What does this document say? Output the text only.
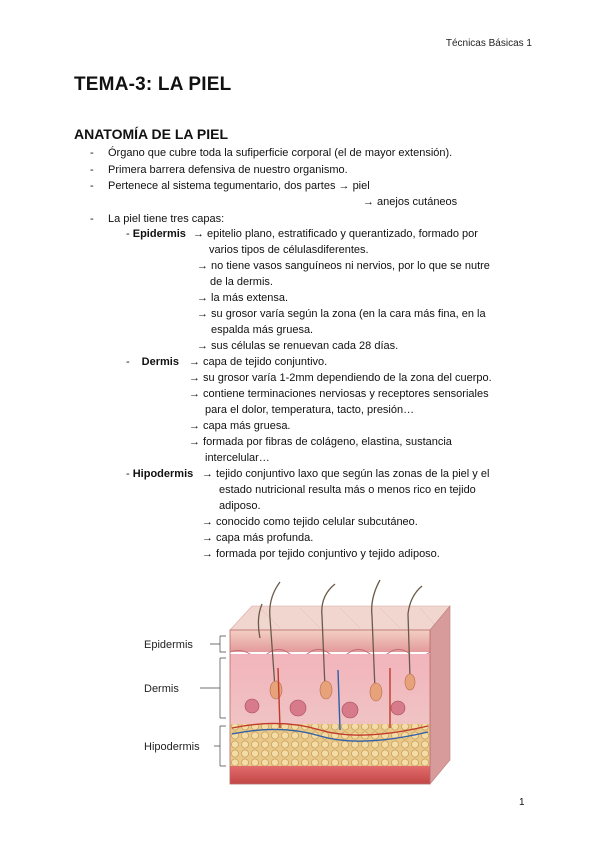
Técnicas Básicas 1
TEMA-3: LA PIEL
ANATOMÍA DE LA PIEL
- Órgano que cubre toda la sufiperficie corporal (el de mayor extensión).
- Primera barrera defensiva de nuestro organismo.
- Pertenece al sistema tegumentario, dos partes → piel
→ anejos cutáneos
- La piel tiene tres capas:
- Epidermis → epitelio plano, estratificado y querantizado, formado por
varios tipos de célulasdiferentes.
→ no tiene vasos sanguíneos ni nervios, por lo que se nutre
de la dermis.
→ la más extensa.
→ su grosor varía según la zona (en la cara más fina, en la
espalda más gruesa.
→ sus células se renuevan cada 28 días.
- Dermis → capa de tejido conjuntivo.
→ su grosor varía 1-2mm dependiendo de la zona del cuerpo.
→ contiene terminaciones nerviosas y receptores sensoriales
para el dolor, temperatura, tacto, presión…
→ capa más gruesa.
→ formada por fibras de colágeno, elastina, sustancia
intercelular…
- Hipodermis → tejido conjuntivo laxo que según las zonas de la piel y el
estado nutricional resulta más o menos rico en tejido
adiposo.
→ conocido como tejido celular subcutáneo.
→ capa más profunda.
→ formada por tejido conjuntivo y tejido adiposo.
Epidermis
Dermis
Hipodermis
1
